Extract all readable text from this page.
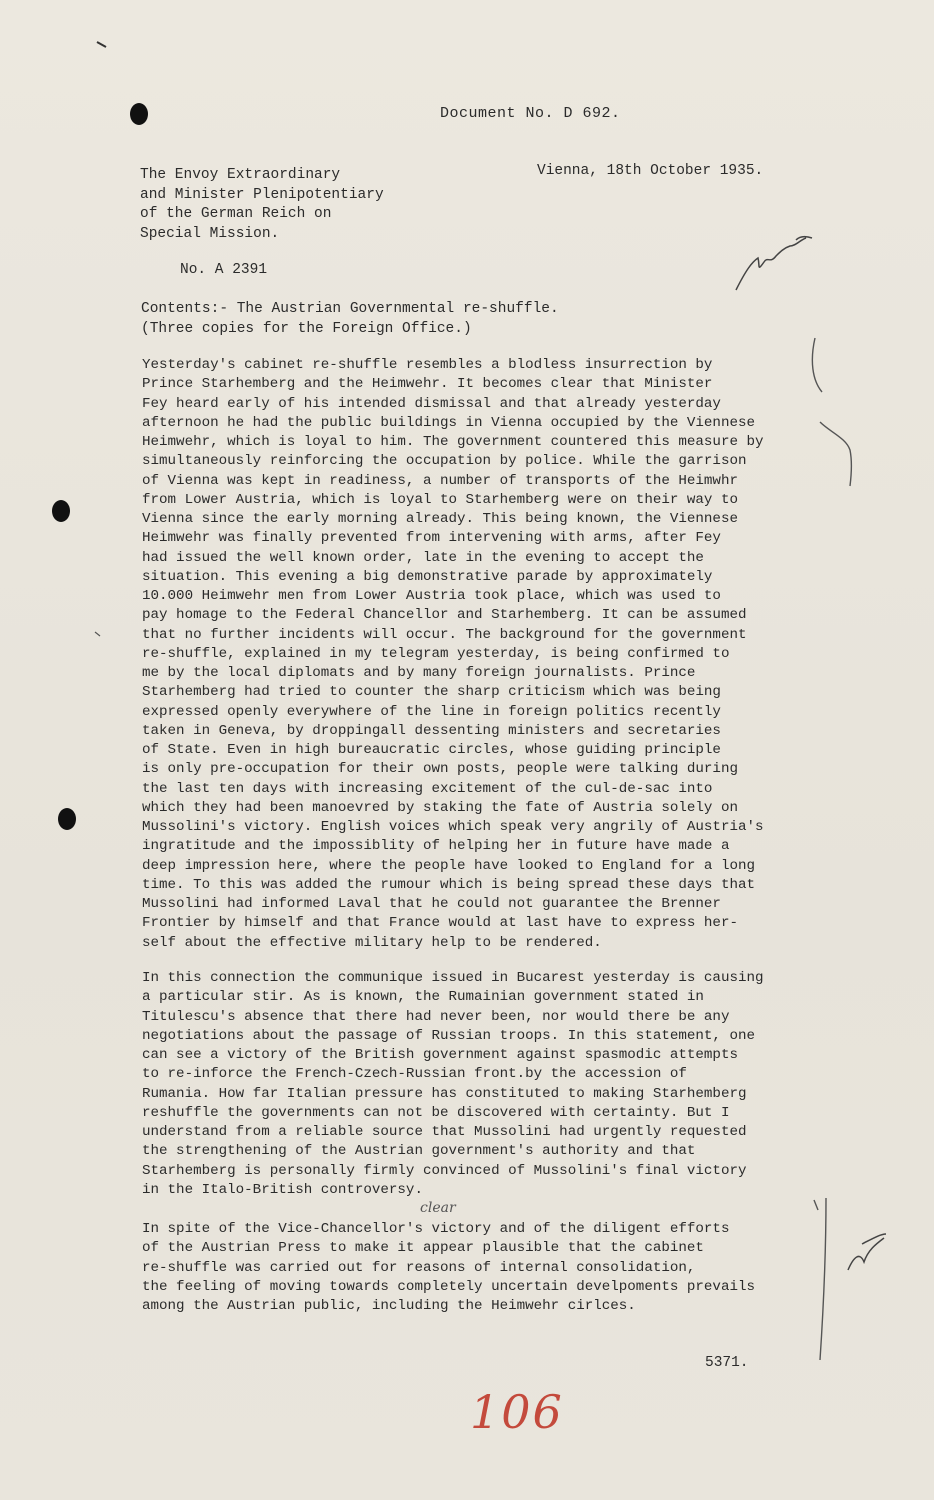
Document No. D 692.
The Envoy Extraordinary
and Minister Plenipotentiary
of the German Reich on
Special Mission.
Vienna, 18th October 1935.
No. A 2391
Contents:- The Austrian Governmental re-shuffle.
(Three copies for the Foreign Office.)
Yesterday's cabinet re-shuffle resembles a blodless insurrection by
Prince Starhemberg and the Heimwehr. It becomes clear that Minister
Fey heard early of his intended dismissal and that already yesterday
afternoon he had the public buildings in Vienna occupied by the Viennese
Heimwehr, which is loyal to him. The government countered this measure by
simultaneously reinforcing the occupation by police. While the garrison
of Vienna was kept in readiness, a number of transports of the Heimwhr
from Lower Austria, which is loyal to Starhemberg were on their way to
Vienna since the early morning already. This being known, the Viennese
Heimwehr was finally prevented from intervening with arms, after Fey
had issued the well known order, late in the evening to accept the
situation. This evening a big demonstrative parade by approximately
10.000 Heimwehr men from Lower Austria took place, which was used to
pay homage to the Federal Chancellor and Starhemberg. It can be assumed
that no further incidents will occur. The background for the government
re-shuffle, explained in my telegram yesterday, is being confirmed to
me by the local diplomats and by many foreign journalists. Prince
Starhemberg had tried to counter the sharp criticism which was being
expressed openly everywhere of the line in foreign politics recently
taken in Geneva, by droppingall dessenting ministers and secretaries
of State. Even in high bureaucratic circles, whose guiding principle
is only pre-occupation for their own posts, people were talking during
the last ten days with increasing excitement of the cul-de-sac into
which they had been manoevred by staking the fate of Austria solely on
Mussolini's victory. English voices which speak very angrily of Austria's
ingratitude and the impossiblity of helping her in future have made a
deep impression here, where the people have looked to England for a long
time. To this was added the rumour which is being spread these days that
Mussolini had informed Laval that he could not guarantee the Brenner
Frontier by himself and that France would at last have to express her-
self about the effective military help to be rendered.
In this connection the communique issued in Bucarest yesterday is causing
a particular stir. As is known, the Rumainian government stated in
Titulescu's absence that there had never been, nor would there be any
negotiations about the passage of Russian troops. In this statement, one
can see a victory of the British government against spasmodic attempts
to re-inforce the French-Czech-Russian front.by the accession of
Rumania. How far Italian pressure has constituted to making Starhemberg
reshuffle the governments can not be discovered with certainty. But I
understand from a reliable source that Mussolini had urgently requested
the strengthening of the Austrian government's authority and that
Starhemberg is personally firmly convinced of Mussolini's final victory
in the Italo-British controversy.
clear
In spite of the Vice-Chancellor's victory and of the diligent efforts
of the Austrian Press to make it appear plausible that the cabinet
re-shuffle was carried out for reasons of internal consolidation,
the feeling of moving towards completely uncertain develpoments prevails
among the Austrian public, including the Heimwehr cirlces.
5371.
106
